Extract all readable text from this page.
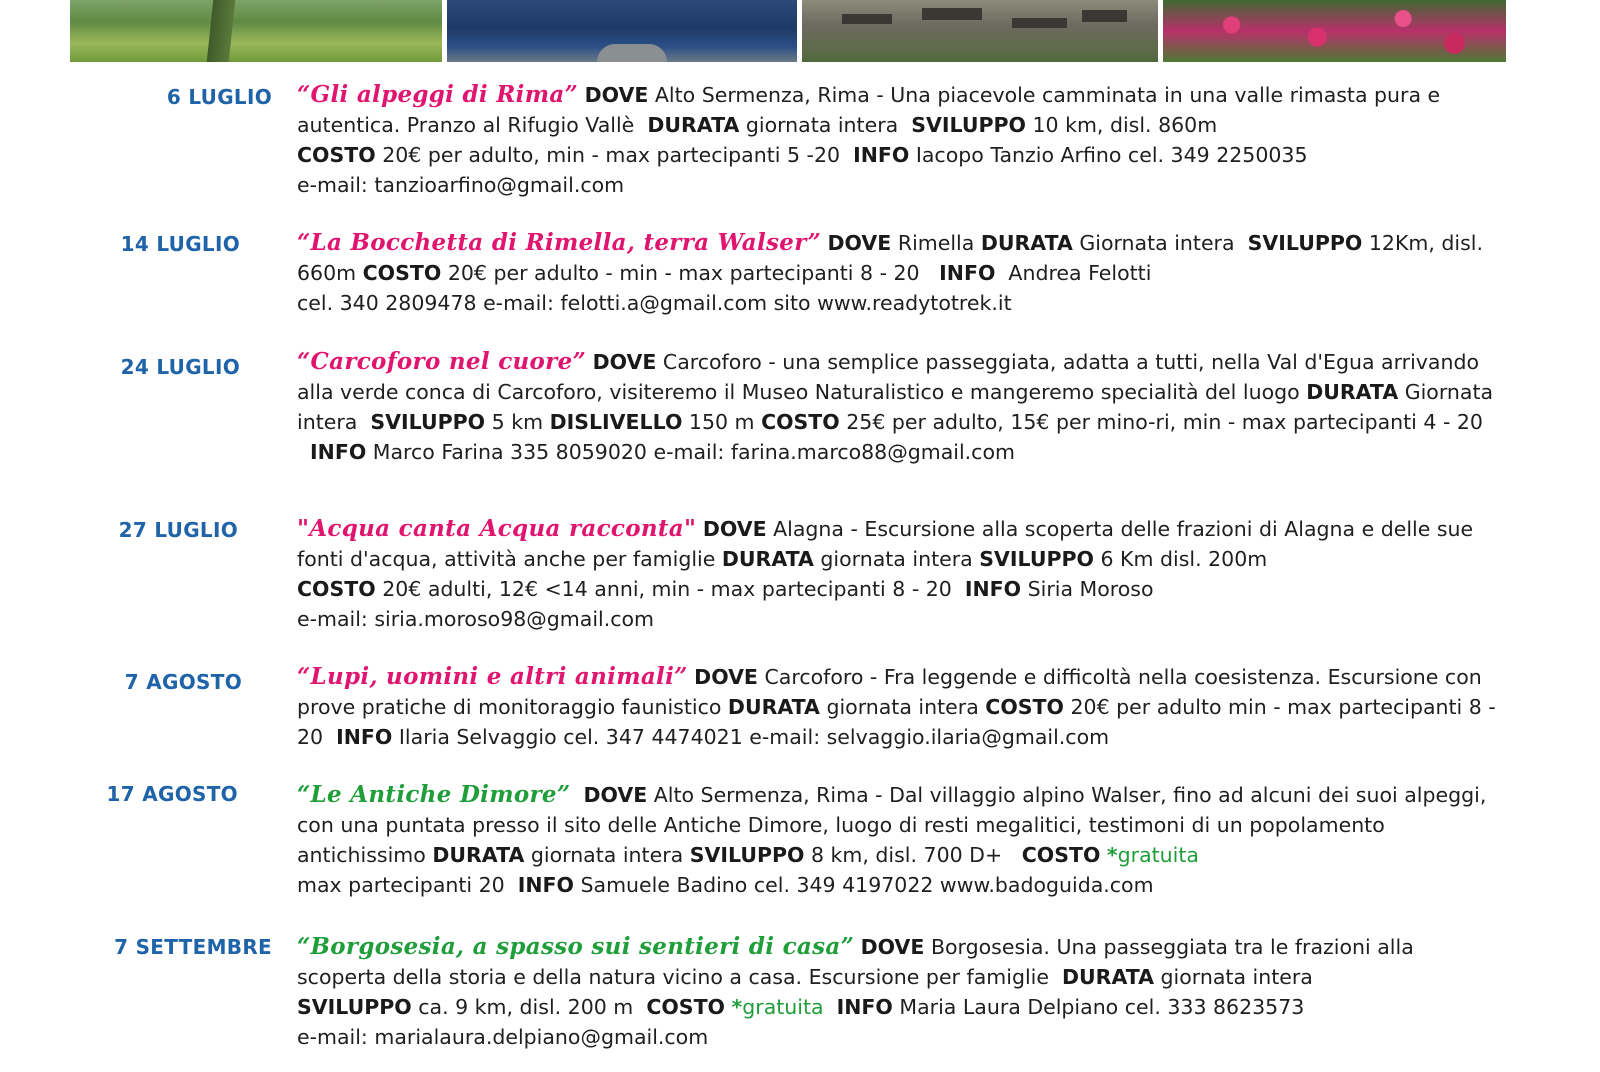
6 LUGLIO “Gli alpeggi di Rima” DOVE Alto Sermenza, Rima - Una piacevole camminata in una valle rimasta pura e autentica. Pranzo al Rifugio Vallè DURATA giornata intera SVILUPPO 10 km, disl. 860m
COSTO 20€ per adulto, min - max partecipanti 5 -20 INFO Iacopo Tanzio Arfino cel. 349 2250035
e-mail: tanzioarfino@gmail.com

14 LUGLIO “La Bocchetta di Rimella, terra Walser” DOVE Rimella DURATA Giornata intera SVILUPPO 12Km, disl. 660m COSTO 20€ per adulto - min - max partecipanti 8 - 20 INFO Andrea Felotti
cel. 340 2809478 e-mail: felotti.a@gmail.com sito www.readytotrek.it

24 LUGLIO “Carcoforo nel cuore” DOVE Carcoforo - una semplice passeggiata, adatta a tutti, nella Val d'Egua arrivando alla verde conca di Carcoforo, visiteremo il Museo Naturalistico e mangeremo specialità del luogo DURATA Giornata intera SVILUPPO 5 km DISLIVELLO 150 m COSTO 25€ per adulto, 15€ per mino-ri, min - max partecipanti 4 - 20   INFO Marco Farina 335 8059020 e-mail: farina.marco88@gmail.com

27 LUGLIO	"Acqua canta Acqua racconta" DOVE Alagna - Escursione alla scoperta delle frazioni di Alagna e delle sue fonti d'acqua, attività anche per famiglie DURATA giornata intera SVILUPPO 6 Km disl. 200m
COSTO 20€ adulti, 12€ <14 anni, min - max partecipanti 8 - 20 INFO Siria Moroso
e-mail: siria.moroso98@gmail.com

7 AGOSTO “Lupi, uomini e altri animali” DOVE Carcoforo - Fra leggende e difficoltà nella coesistenza. Escursione con prove pratiche di monitoraggio faunistico DURATA giornata intera COSTO 20€ per adulto min - max partecipanti 8 - 20 INFO Ilaria Selvaggio cel. 347 4474021 e-mail: selvaggio.ilaria@gmail.com

17 AGOSTO	“Le Antiche Dimore” DOVE Alto Sermenza, Rima - Dal villaggio alpino Walser, fino ad alcuni dei suoi alpeggi, con una puntata presso il sito delle Antiche Dimore, luogo di resti megalitici, testimoni di un popolamento antichissimo DURATA giornata intera SVILUPPO 8 km, disl. 700 D+ COSTO *gratuita
max partecipanti 20 INFO Samuele Badino cel. 349 4197022 www.badoguida.com

7 SETTEMBRE “Borgosesia, a spasso sui sentieri di casa” DOVE Borgosesia. Una passeggiata tra le frazioni alla scoperta della storia e della natura vicino a casa. Escursione per famiglie DURATA giornata intera
SVILUPPO ca. 9 km, disl. 200 m COSTO *gratuita INFO Maria Laura Delpiano cel. 333 8623573
e-mail: marialaura.delpiano@gmail.com
